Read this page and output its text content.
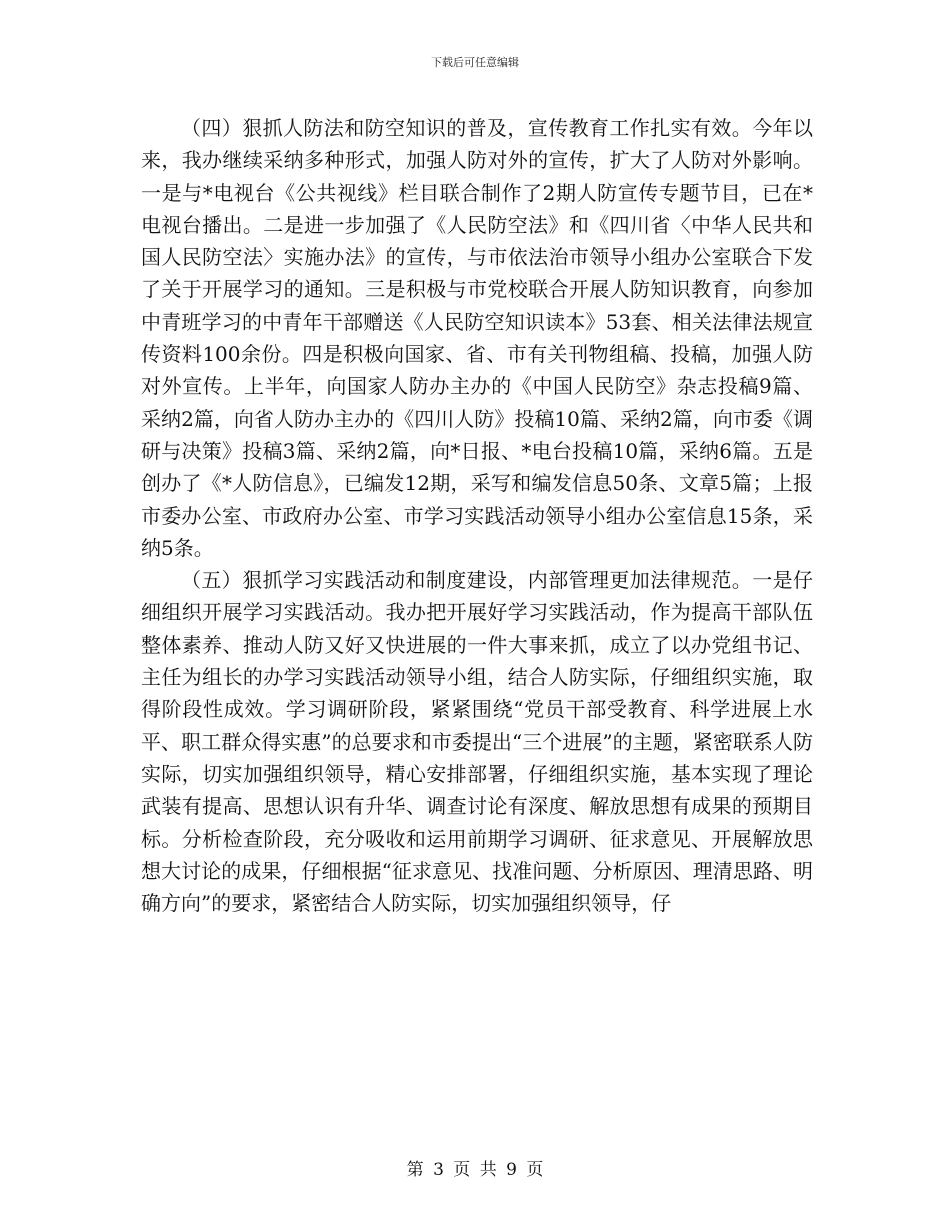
下载后可任意编辑

（四）狠抓人防法和防空知识的普及，宣传教育工作扎实有效。今年以来，我办继续采纳多种形式，加强人防对外的宣传，扩大了人防对外影响。一是与*电视台《公共视线》栏目联合制作了2期人防宣传专题节目，已在*电视台播出。二是进一步加强了《人民防空法》和《四川省〈中华人民共和国人民防空法〉实施办法》的宣传，与市依法治市领导小组办公室联合下发了关于开展学习的通知。三是积极与市党校联合开展人防知识教育，向参加中青班学习的中青年干部赠送《人民防空知识读本》53套、相关法律法规宣传资料100余份。四是积极向国家、省、市有关刊物组稿、投稿，加强人防对外宣传。上半年，向国家人防办主办的《中国人民防空》杂志投稿9篇、采纳2篇，向省人防办主办的《四川人防》投稿10篇、采纳2篇，向市委《调研与决策》投稿3篇、采纳2篇，向*日报、*电台投稿10篇，采纳6篇。五是创办了《*人防信息》，已编发12期，采写和编发信息50条、文章5篇；上报市委办公室、市政府办公室、市学习实践活动领导小组办公室信息15条，采纳5条。

（五）狠抓学习实践活动和制度建设，内部管理更加法律规范。一是仔细组织开展学习实践活动。我办把开展好学习实践活动，作为提高干部队伍整体素养、推动人防又好又快进展的一件大事来抓，成立了以办党组书记、主任为组长的办学习实践活动领导小组，结合人防实际，仔细组织实施，取得阶段性成效。学习调研阶段，紧紧围绕“党员干部受教育、科学进展上水平、职工群众得实惠”的总要求和市委提出“三个进展”的主题，紧密联系人防实际，切实加强组织领导，精心安排部署，仔细组织实施，基本实现了理论武装有提高、思想认识有升华、调查讨论有深度、解放思想有成果的预期目标。分析检查阶段，充分吸收和运用前期学习调研、征求意见、开展解放思想大讨论的成果，仔细根据“征求意见、找准问题、分析原因、理清思路、明确方向”的要求，紧密结合人防实际，切实加强组织领导，仔

第 3 页 共 9 页
